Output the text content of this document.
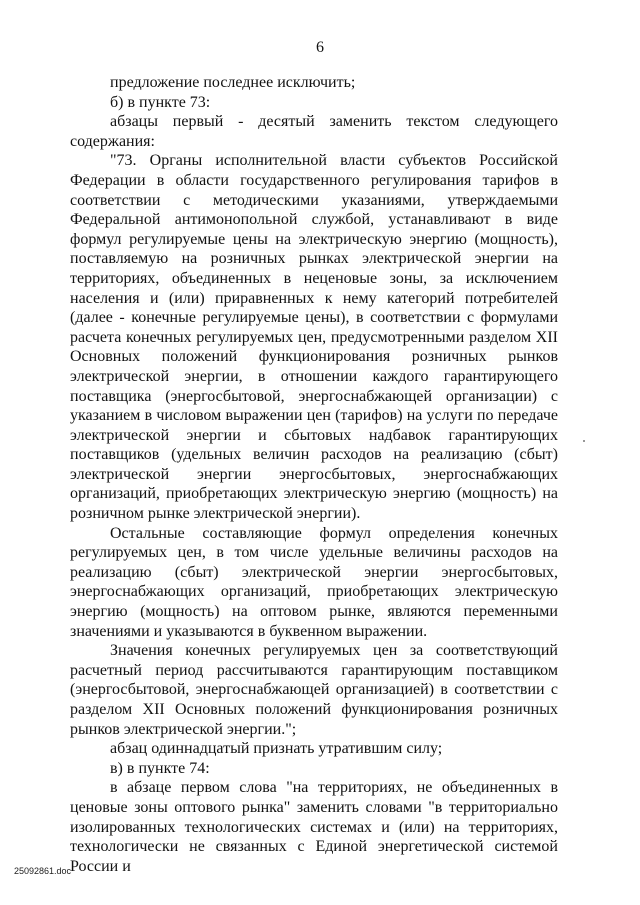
6

предложение последнее исключить;

б) в пункте 73:

абзацы первый - десятый заменить текстом следующего содержания:

"73. Органы исполнительной власти субъектов Российской Федерации в области государственного регулирования тарифов в соответствии с методическими указаниями, утверждаемыми Федеральной антимонопольной службой, устанавливают в виде формул регулируемые цены на электрическую энергию (мощность), поставляемую на розничных рынках электрической энергии на территориях, объединенных в неценовые зоны, за исключением населения и (или) приравненных к нему категорий потребителей (далее - конечные регулируемые цены), в соответствии с формулами расчета конечных регулируемых цен, предусмотренными разделом XII Основных положений функционирования розничных рынков электрической энергии, в отношении каждого гарантирующего поставщика (энергосбытовой, энергоснабжающей организации) с указанием в числовом выражении цен (тарифов) на услуги по передаче электрической энергии и сбытовых надбавок гарантирующих поставщиков (удельных величин расходов на реализацию (сбыт) электрической энергии энергосбытовых, энергоснабжающих организаций, приобретающих электрическую энергию (мощность) на розничном рынке электрической энергии).

Остальные составляющие формул определения конечных регулируемых цен, в том числе удельные величины расходов на реализацию (сбыт) электрической энергии энергосбытовых, энергоснабжающих организаций, приобретающих электрическую энергию (мощность) на оптовом рынке, являются переменными значениями и указываются в буквенном выражении.

Значения конечных регулируемых цен за соответствующий расчетный период рассчитываются гарантирующим поставщиком (энергосбытовой, энергоснабжающей организацией) в соответствии с разделом XII Основных положений функционирования розничных рынков электрической энергии.";

абзац одиннадцатый признать утратившим силу;

в) в пункте 74:

в абзаце первом слова "на территориях, не объединенных в ценовые зоны оптового рынка" заменить словами "в территориально изолированных технологических системах и (или) на территориях, технологически не связанных с Единой энергетической системой России и

25092861.doc
